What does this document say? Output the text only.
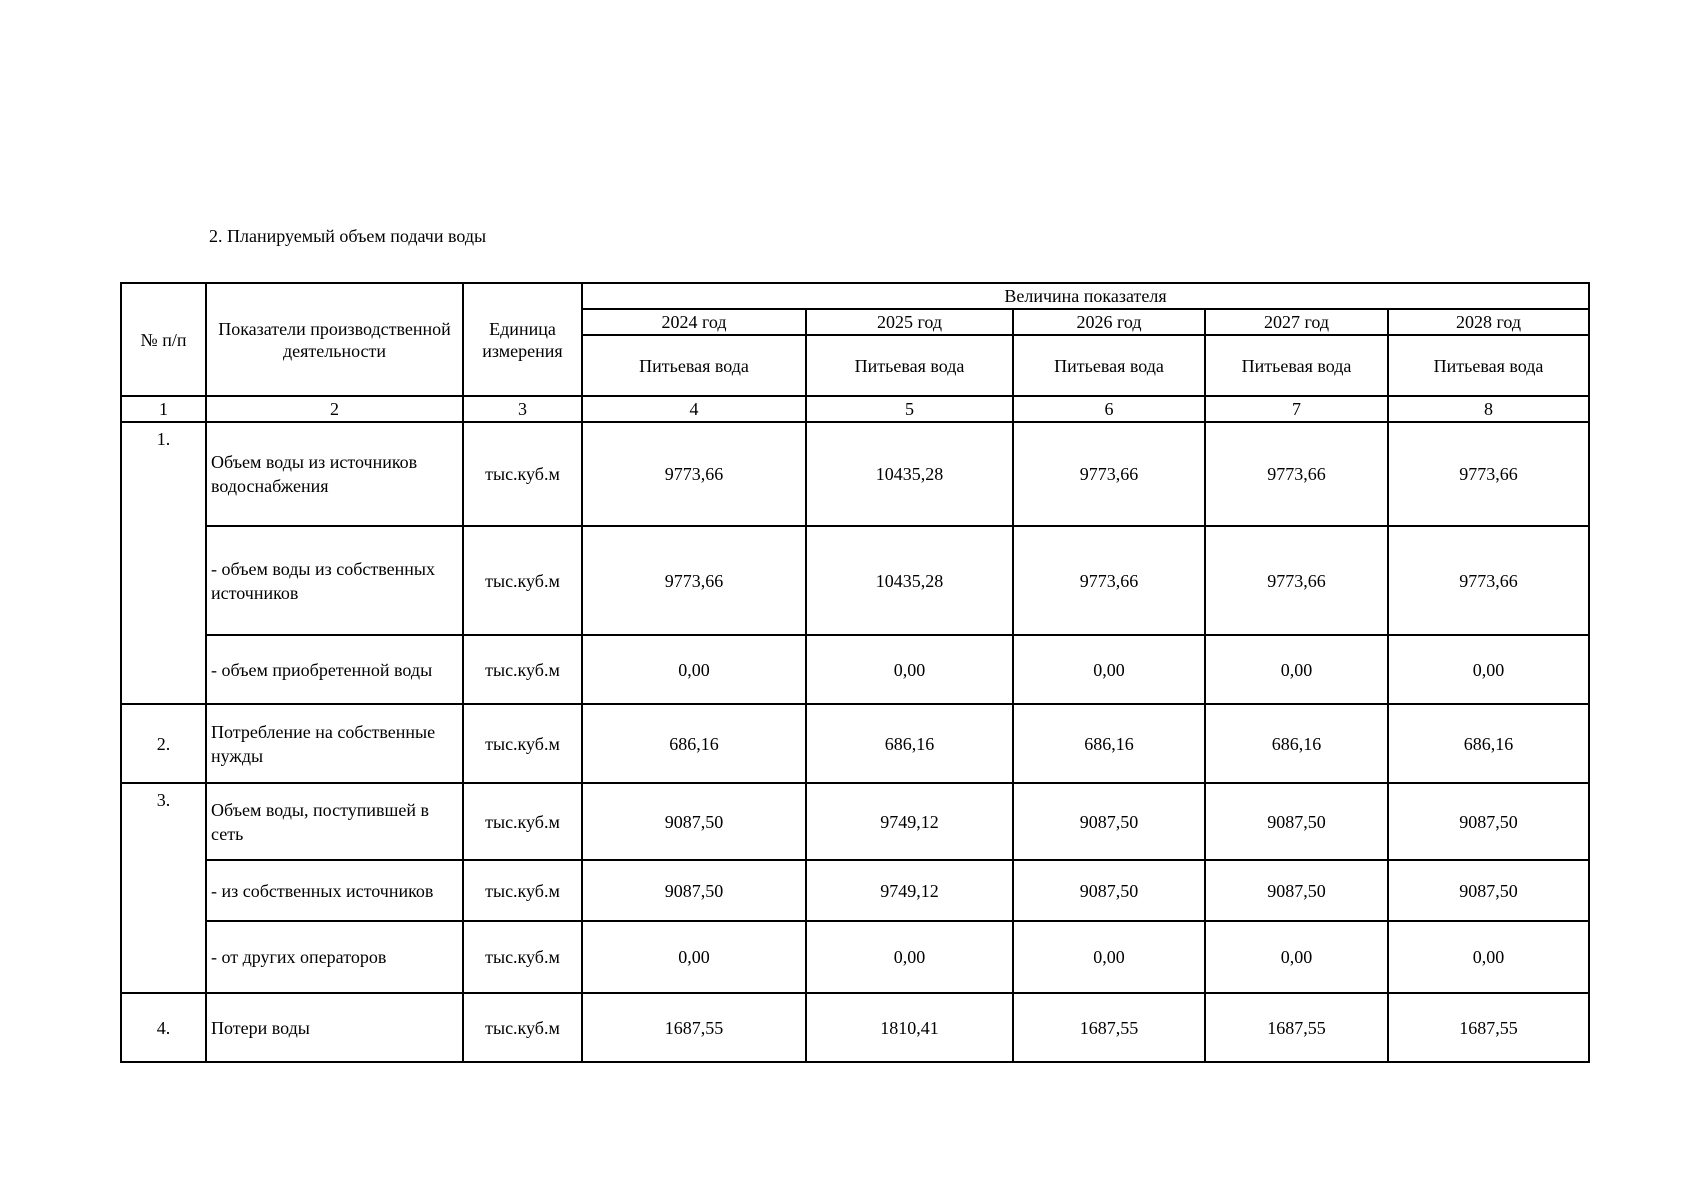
2. Планируемый объем подачи воды
№ п/п	Показатели производственной деятельности	Единица измерения	Величина показателя				
			2024 год	2025 год	2026 год	2027 год	2028 год
			Питьевая вода	Питьевая вода	Питьевая вода	Питьевая вода	Питьевая вода
1	2	3	4	5	6	7	8
1.	Объем воды из источников водоснабжения	тыс.куб.м	9773,66	10435,28	9773,66	9773,66	9773,66
	- объем воды из собственных источников	тыс.куб.м	9773,66	10435,28	9773,66	9773,66	9773,66
	- объем приобретенной воды	тыс.куб.м	0,00	0,00	0,00	0,00	0,00
2.	Потребление на собственные нужды	тыс.куб.м	686,16	686,16	686,16	686,16	686,16
3.	Объем воды, поступившей в сеть	тыс.куб.м	9087,50	9749,12	9087,50	9087,50	9087,50
	- из собственных источников	тыс.куб.м	9087,50	9749,12	9087,50	9087,50	9087,50
	- от других операторов	тыс.куб.м	0,00	0,00	0,00	0,00	0,00
4.	Потери воды	тыс.куб.м	1687,55	1810,41	1687,55	1687,55	1687,55
